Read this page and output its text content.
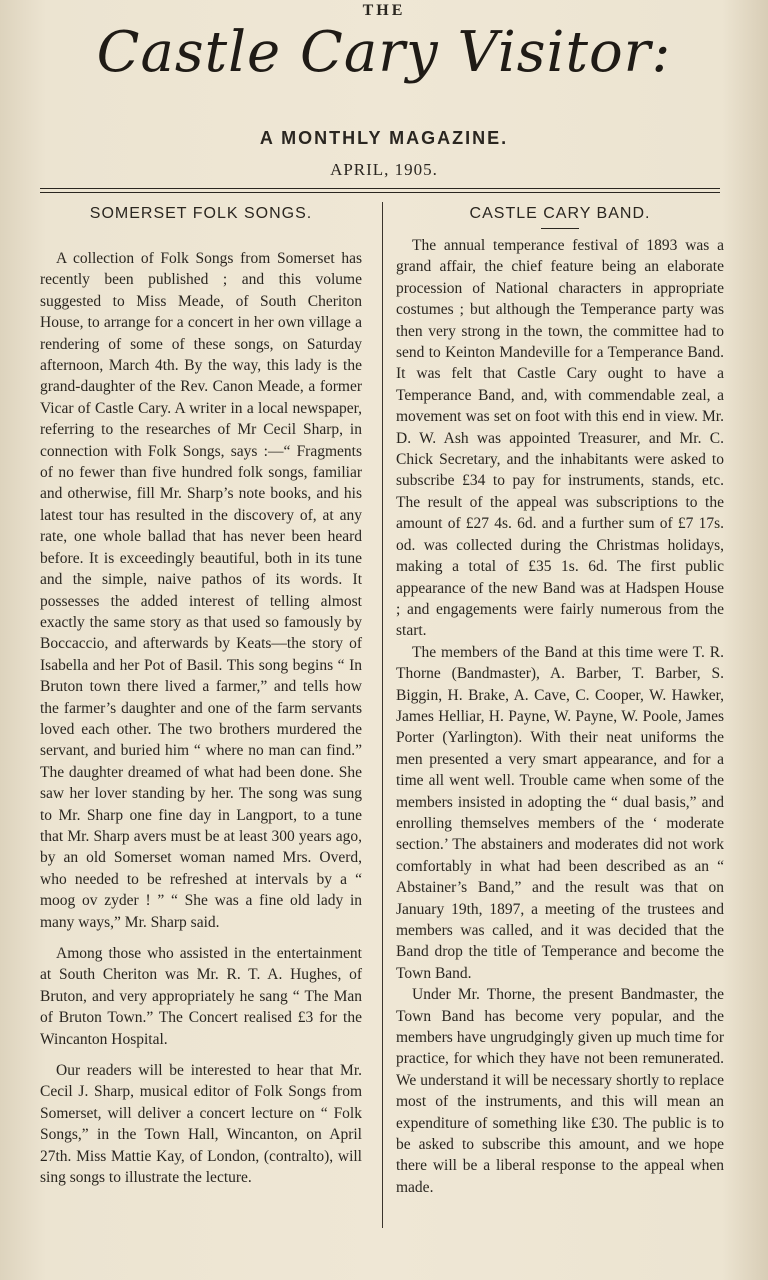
THE
Castle Cary Visitor:
A MONTHLY MAGAZINE.
APRIL, 1905.
SOMERSET FOLK SONGS.

A collection of Folk Songs from Somerset has recently been published ; and this volume suggested to Miss Meade, of South Cheriton House, to arrange for a concert in her own village a rendering of some of these songs, on Saturday afternoon, March 4th. By the way, this lady is the grand-daughter of the Rev. Canon Meade, a former Vicar of Castle Cary. A writer in a local newspaper, referring to the researches of Mr Cecil Sharp, in connection with Folk Songs, says :—“ Fragments of no fewer than five hundred folk songs, familiar and otherwise, fill Mr. Sharp’s note books, and his latest tour has resulted in the discovery of, at any rate, one whole ballad that has never been heard before. It is exceedingly beautiful, both in its tune and the simple, naive pathos of its words. It possesses the added interest of telling almost exactly the same story as that used so famously by Boccaccio, and afterwards by Keats—the story of Isabella and her Pot of Basil. This song begins “ In Bruton town there lived a farmer,” and tells how the farmer’s daughter and one of the farm servants loved each other. The two brothers murdered the servant, and buried him “ where no man can find.” The daughter dreamed of what had been done. She saw her lover standing by her. The song was sung to Mr. Sharp one fine day in Langport, to a tune that Mr. Sharp avers must be at least 300 years ago, by an old Somerset woman named Mrs. Overd, who needed to be refreshed at intervals by a “ moog ov zyder ! ” “ She was a fine old lady in many ways,” Mr. Sharp said.

Among those who assisted in the entertainment at South Cheriton was Mr. R. T. A. Hughes, of Bruton, and very appropriately he sang “ The Man of Bruton Town.” The Concert realised £3 for the Wincanton Hospital.

Our readers will be interested to hear that Mr. Cecil J. Sharp, musical editor of Folk Songs from Somerset, will deliver a concert lecture on “ Folk Songs,” in the Town Hall, Wincanton, on April 27th. Miss Mattie Kay, of London, (contralto), will sing songs to illustrate the lecture.

CASTLE CARY BAND.

The annual temperance festival of 1893 was a grand affair, the chief feature being an elaborate procession of National characters in appropriate costumes ; but although the Temperance party was then very strong in the town, the committee had to send to Keinton Mandeville for a Temperance Band. It was felt that Castle Cary ought to have a Temperance Band, and, with commendable zeal, a movement was set on foot with this end in view. Mr. D. W. Ash was appointed Treasurer, and Mr. C. Chick Secretary, and the inhabitants were asked to subscribe £34 to pay for instruments, stands, etc. The result of the appeal was subscriptions to the amount of £27 4s. 6d. and a further sum of £7 17s. od. was collected during the Christmas holidays, making a total of £35 1s. 6d. The first public appearance of the new Band was at Hadspen House ; and engagements were fairly numerous from the start.

The members of the Band at this time were T. R. Thorne (Bandmaster), A. Barber, T. Barber, S. Biggin, H. Brake, A. Cave, C. Cooper, W. Hawker, James Helliar, H. Payne, W. Payne, W. Poole, James Porter (Yarlington). With their neat uniforms the men presented a very smart appearance, and for a time all went well. Trouble came when some of the members insisted in adopting the “ dual basis,” and enrolling themselves members of the ‘ moderate section.’ The abstainers and moderates did not work comfortably in what had been described as an “ Abstainer’s Band,” and the result was that on January 19th, 1897, a meeting of the trustees and members was called, and it was decided that the Band drop the title of Temperance and become the Town Band.

Under Mr. Thorne, the present Bandmaster, the Town Band has become very popular, and the members have ungrudgingly given up much time for practice, for which they have not been remunerated. We understand it will be necessary shortly to replace most of the instruments, and this will mean an expenditure of something like £30. The public is to be asked to subscribe this amount, and we hope there will be a liberal response to the appeal when made.
